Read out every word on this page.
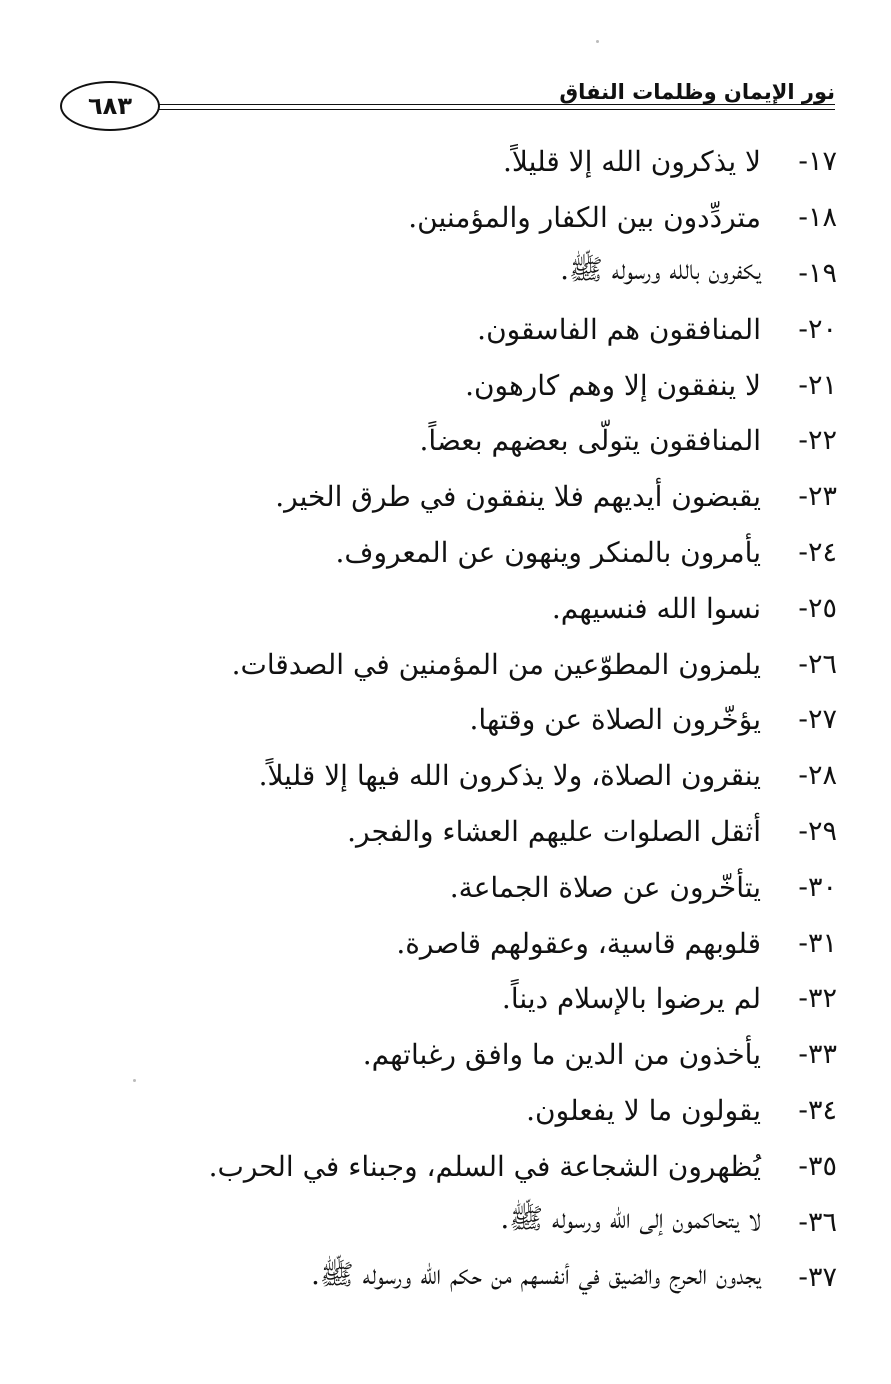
نور الإيمان وظلمات النفاق
٦٨٣
١٧-
لا يذكرون الله إلا قليلاً.
١٨-
متردِّدون بين الكفار والمؤمنين.
١٩-
يكفرون بالله ورسوله ﷺ.
٢٠-
المنافقون هم الفاسقون.
٢١-
لا ينفقون إلا وهم كارهون.
٢٢-
المنافقون يتولّى بعضهم بعضاً.
٢٣-
يقبضون أيديهم فلا ينفقون في طرق الخير.
٢٤-
يأمرون بالمنكر وينهون عن المعروف.
٢٥-
نسوا الله فنسيهم.
٢٦-
يلمزون المطوّعين من المؤمنين في الصدقات.
٢٧-
يؤخّرون الصلاة عن وقتها.
٢٨-
ينقرون الصلاة، ولا يذكرون الله فيها إلا قليلاً.
٢٩-
أثقل الصلوات عليهم العشاء والفجر.
٣٠-
يتأخّرون عن صلاة الجماعة.
٣١-
قلوبهم قاسية، وعقولهم قاصرة.
٣٢-
لم يرضوا بالإسلام ديناً.
٣٣-
يأخذون من الدين ما وافق رغباتهم.
٣٤-
يقولون ما لا يفعلون.
٣٥-
يُظهرون الشجاعة في السلم، وجبناء في الحرب.
٣٦-
لا يتحاكمون إلى الله ورسوله ﷺ.
٣٧-
يجدون الحرج والضيق في أنفسهم من حكم الله ورسوله ﷺ.
